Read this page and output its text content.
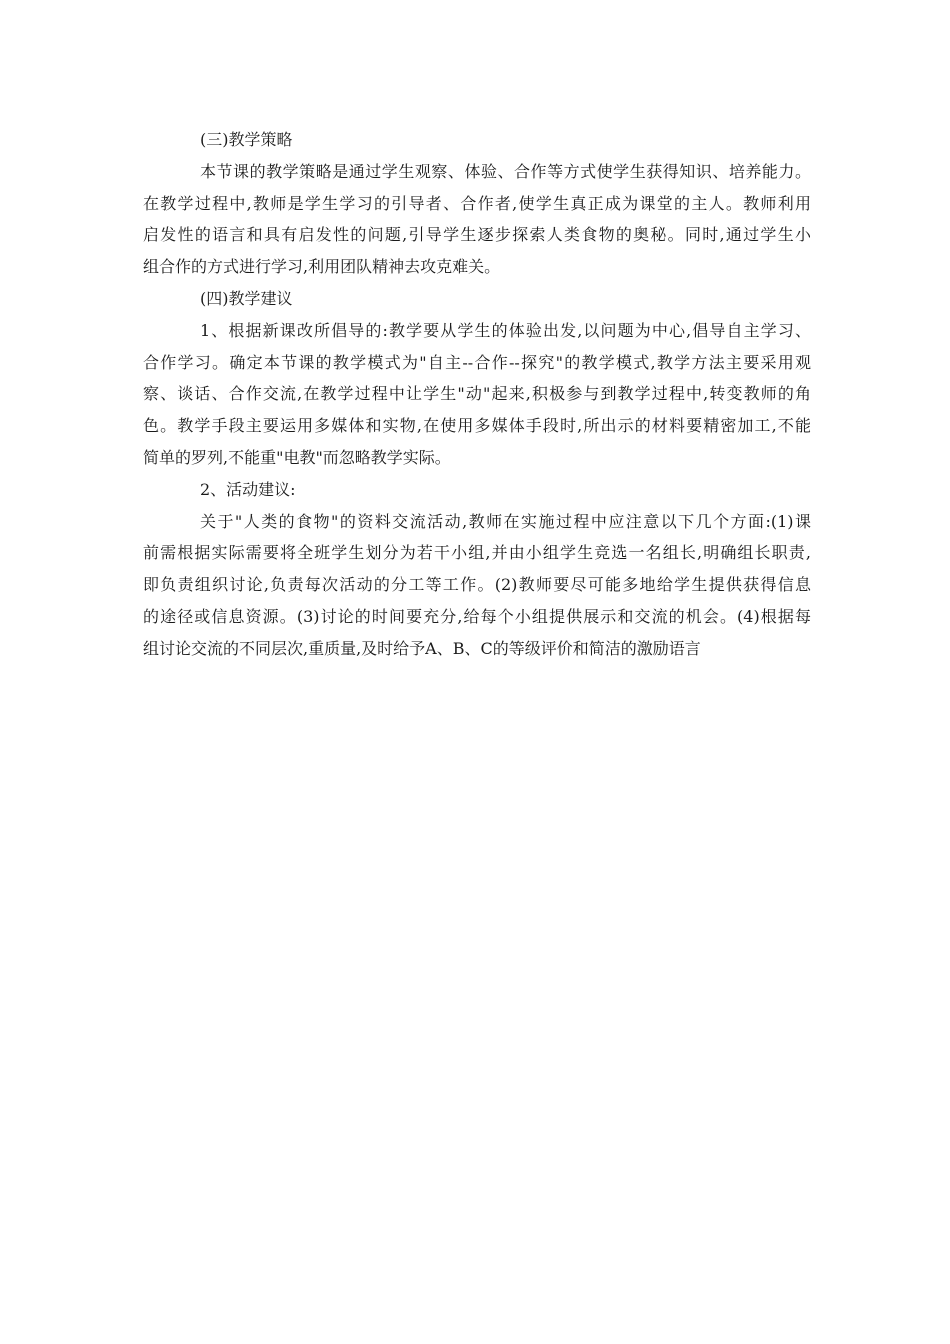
(三)教学策略
本节课的教学策略是通过学生观察、体验、合作等方式使学生获得知识、培养能力。
在教学过程中,教师是学生学习的引导者、合作者,使学生真正成为课堂的主人。教师利用
启发性的语言和具有启发性的问题,引导学生逐步探索人类食物的奥秘。同时,通过学生小
组合作的方式进行学习,利用团队精神去攻克难关。
(四)教学建议
1、根据新课改所倡导的:教学要从学生的体验出发,以问题为中心,倡导自主学习、
合作学习。确定本节课的教学模式为"自主--合作--探究"的教学模式,教学方法主要采用观
察、谈话、合作交流,在教学过程中让学生"动"起来,积极参与到教学过程中,转变教师的角
色。教学手段主要运用多媒体和实物,在使用多媒体手段时,所出示的材料要精密加工,不能
简单的罗列,不能重"电教"而忽略教学实际。
2、活动建议:
关于"人类的食物"的资料交流活动,教师在实施过程中应注意以下几个方面:(1)课
前需根据实际需要将全班学生划分为若干小组,并由小组学生竞选一名组长,明确组长职责,
即负责组织讨论,负责每次活动的分工等工作。(2)教师要尽可能多地给学生提供获得信息
的途径或信息资源。(3)讨论的时间要充分,给每个小组提供展示和交流的机会。(4)根据每
组讨论交流的不同层次,重质量,及时给予A、B、C的等级评价和简洁的激励语言
